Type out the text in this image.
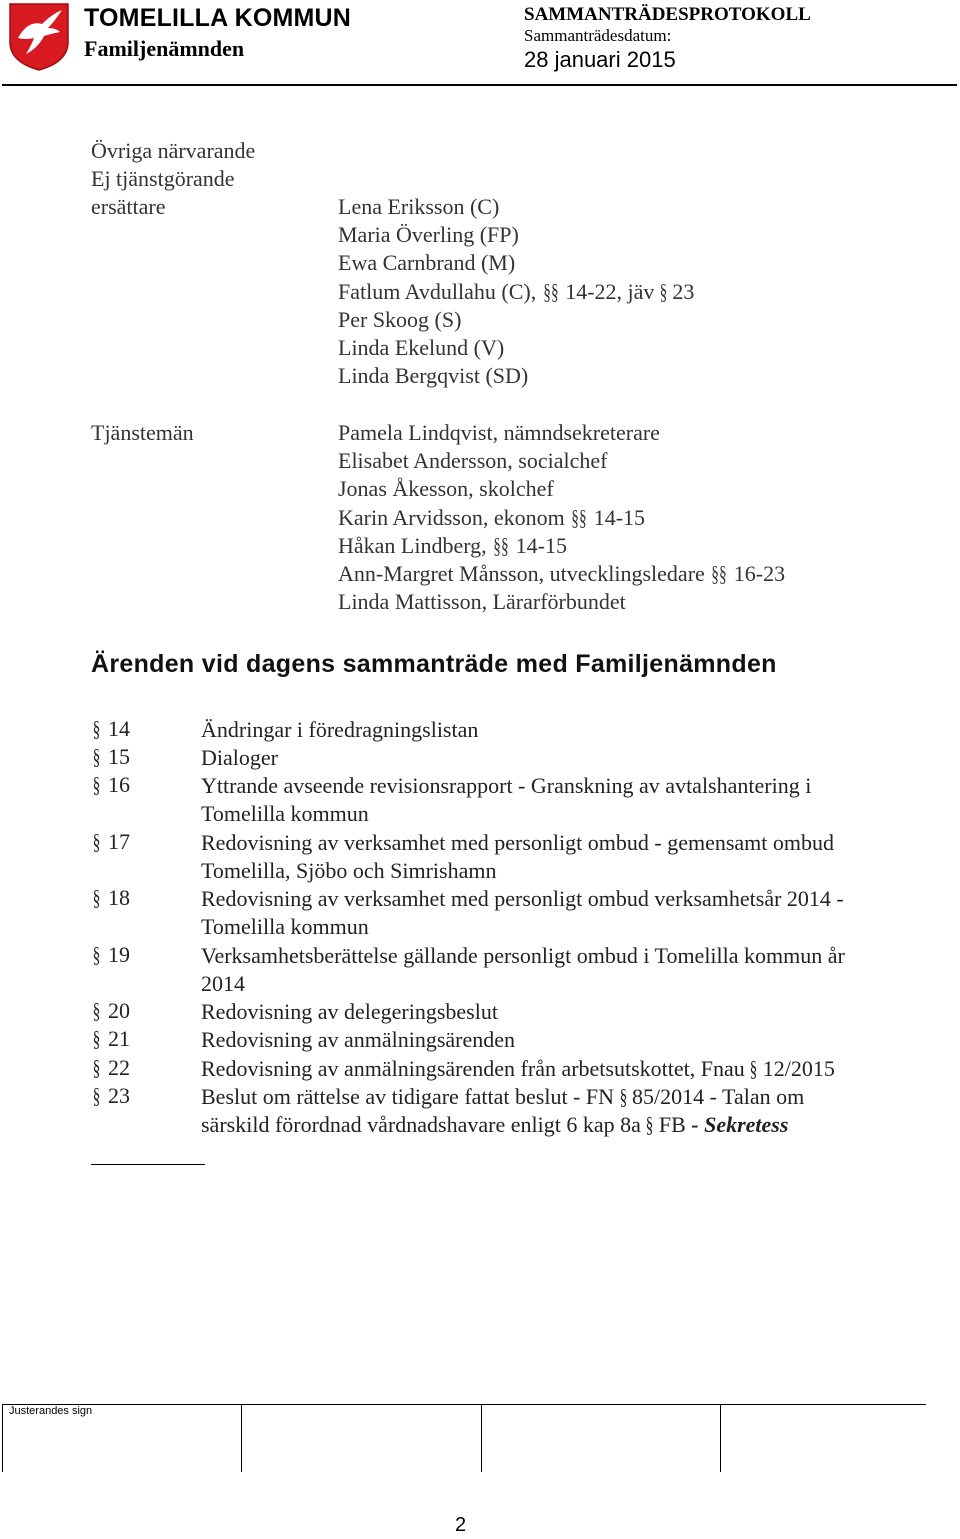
TOMELILLA KOMMUN
Familjenämnden
SAMMANTRÄDESPROTOKOLL
Sammanträdesdatum:
28 januari 2015
Övriga närvarande
Ej tjänstgörande
ersättare	Lena Eriksson (C)
Maria Överling (FP)
Ewa Carnbrand (M)
Fatlum Avdullahu (C), §§ 14-22, jäv § 23
Per Skoog (S)
Linda Ekelund (V)
Linda Bergqvist (SD)
Tjänstemän	Pamela Lindqvist, nämndsekreterare
Elisabet Andersson, socialchef
Jonas Åkesson, skolchef
Karin Arvidsson, ekonom §§ 14-15
Håkan Lindberg, §§ 14-15
Ann-Margret Månsson, utvecklingsledare §§ 16-23
Linda Mattisson, Lärarförbundet
Ärenden vid dagens sammanträde med Familjenämnden
§ 14	Ändringar i föredragningslistan
§ 15	Dialoger
§ 16	Yttrande avseende revisionsrapport - Granskning av avtalshantering i
Tomelilla kommun
§ 17	Redovisning av verksamhet med personligt ombud - gemensamt ombud
Tomelilla, Sjöbo och Simrishamn
§ 18	Redovisning av verksamhet med personligt ombud verksamhetsår 2014 -
Tomelilla kommun
§ 19	Verksamhetsberättelse gällande personligt ombud i Tomelilla kommun år
2014
§ 20	Redovisning av delegeringsbeslut
§ 21	Redovisning av anmälningsärenden
§ 22	Redovisning av anmälningsärenden från arbetsutskottet, Fnau § 12/2015
§ 23	Beslut om rättelse av tidigare fattat beslut - FN § 85/2014 - Talan om
särskild förordnad vårdnadshavare enligt 6 kap 8a § FB - Sekretess
Justerandes sign
2
